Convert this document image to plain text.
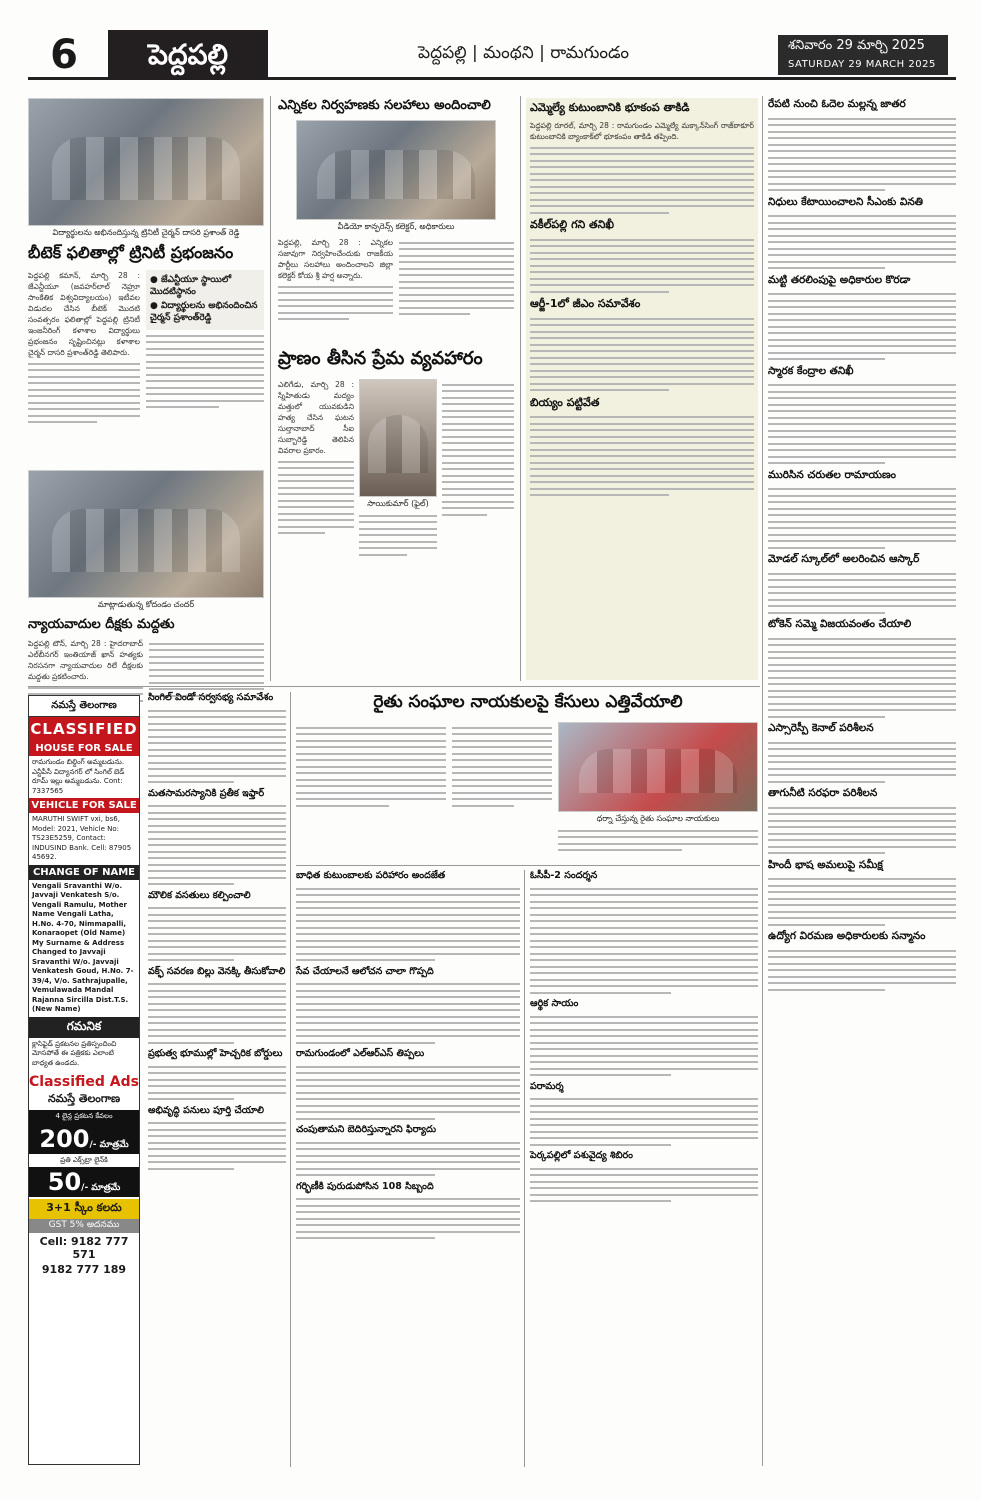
6	పెద్దపల్లి	పెద్దపల్లి | మంథని | రామగుండం	శనివారం 29 మార్చి 2025
SATURDAY 29 MARCH 2025
విద్యార్థులను అభినందిస్తున్న ట్రినిటీ చైర్మన్ దాసరి ప్రశాంత్ రెడ్డి
బీటెక్ ఫలితాల్లో ట్రినిటీ ప్రభంజనం
పెద్దపల్లి కమాన్, మార్చి 28 : జేఎన్టీయూ (జవహర్‌లాల్ నెహ్రూ సాంకేతిక విశ్వవిద్యాలయం) ఇటీవల విడుదల చేసిన బీటెక్ మొదటి సంవత్సరం ఫలితాల్లో పెద్దపల్లి ట్రినిటీ ఇంజనీరింగ్ కళాశాల విద్యార్థులు ప్రభంజనం సృష్టించినట్లు కళాశాల చైర్మన్ దాసరి ప్రశాంత్‌రెడ్డి తెలిపారు.
● జేఎన్టీయూ స్థాయిలో మొదటిస్థానం
● విద్యార్థులను అభినందించిన చైర్మన్ ప్రశాంత్‌రెడ్డి
మాట్లాడుతున్న కోదండం చందర్
న్యాయవాదుల దీక్షకు మద్దతు
పెద్దపల్లి టౌన్, మార్చి 28 : హైదరాబాద్ ఎల్‌బీనగర్ ఇంతియాజ్ ఖాన్ హత్యకు నిరసనగా న్యాయవాదుల రిలే దీక్షలకు మద్దతు ప్రకటించారు.
ఎన్నికల నిర్వహణకు సలహాలు అందించాలి
వీడియో కాన్ఫరెన్స్ కలెక్టర్, అధికారులు
పెద్దపల్లి, మార్చి 28 : ఎన్నికల సజావుగా నిర్వహించేందుకు రాజకీయ పార్టీలు సలహాలు అందించాలని జిల్లా కలెక్టర్ కోయ శ్రీ హర్ష అన్నారు.
ప్రాణం తీసిన ప్రేమ వ్యవహారం
ఎలిగేడు, మార్చి 28 : స్నేహితుడు మద్యం మత్తులో యువకుడిని హత్య చేసిన ఘటన సుల్తానాబాద్ సీఐ సుబ్బారెడ్డి తెలిపిన వివరాల ప్రకారం.
సాయికుమార్ (ఫైల్)
ఎమ్మెల్యే కుటుంబానికి భూకంప తాకిడి
పెద్దపల్లి రూరల్, మార్చి 28 : రామగుండం ఎమ్మెల్యే మక్కాన్‌సింగ్ రాజ్‌ఠాకూర్ కుటుంబానికి బ్యాంకాక్‌లో భూకంపం తాకిడి తప్పింది.
వకీల్‌పల్లి గని తనిఖీ
ఆర్జీ-1లో జీఎం సమావేశం
బియ్యం పట్టివేత
రేపటి నుంచి ఓదెల మల్లన్న జాతర
నిధులు కేటాయించాలని సీఎంకు వినతి
మట్టి తరలింపుపై అధికారుల కొరడా
స్మారక కేంద్రాల తనిఖీ
మురిసిన చరుతల రామాయణం
మోడల్ స్కూల్‌లో అలరించిన ఆస్కార్
టోకెన్ సమ్మె విజయవంతం చేయాలి
ఎస్సారెస్పీ కెనాల్ పరిశీలన
తాగునీటి సరఫరా పరిశీలన
హిందీ భాష అమలుపై సమీక్ష
ఉద్యోగ విరమణ అధికారులకు సన్మానం
నమస్తే తెలంగాణ
CLASSIFIED
HOUSE FOR SALE
రామగుండం బిల్డింగ్ అమ్మబడును. ఎన్టీపీసీ విద్యానగర్ లో సింగిల్ బెడ్ రూమ్ ఇల్లు అమ్మబడును. Cont: 7337565
VEHICLE FOR SALE
MARUTHI SWIFT vxi, bs6, Model: 2021, Vehicle No: TS23E5259, Contact: INDUSIND Bank. Cell: 87905 45692.
CHANGE OF NAME
Vengali Sravanthi W/o. Javvaji Venkatesh S/o. Vengali Ramulu, Mother Name Vengali Latha, H.No. 4-70, Nimmapalli, Konaraopet (Old Name) My Surname & Address Changed to Javvaji Sravanthi W/o. Javvaji Venkatesh Goud, H.No. 7-39/4, V/o. Sathrajupalle, Vemulawada Mandal Rajanna Sircilla Dist.T.S. (New Name)
గమనిక
క్లాసిఫైడ్ ప్రకటనల ప్రతిస్పందించి మోసపోతే ఈ పత్రికకు ఎలాంటి బాధ్యత ఉండదు.
Classified Ads
నమస్తే తెలంగాణ
4 లైన్ల ప్రకటన కేవలం
200/- మాత్రమే
ప్రతి ఎక్స్‌ట్రా లైన్‌కి
50/- మాత్రమే
3+1 స్కీం కలదు
GST 5% అదనము
Cell: 9182 777 571
9182 777 189
సింగిల్ విండో సర్వసభ్య సమావేశం
మతసామరస్యానికి ప్రతీక ఇఫ్తార్
మౌలిక వసతులు కల్పించాలి
వక్ఫ్ సవరణ బిల్లు వెనక్కి తీసుకోవాలి
ప్రభుత్వ భూముల్లో హెచ్చరిక బోర్డులు
అభివృద్ధి పనులు పూర్తి చేయాలి
రైతు సంఘాల నాయకులపై కేసులు ఎత్తివేయాలి
ధర్నా చేస్తున్న రైతు సంఘాల నాయకులు
బాధిత కుటుంబాలకు పరిహారం అందజేత
సేవ చేయాలనే ఆలోచన చాలా గొప్పది
రామగుండంలో ఎల్ఆర్ఎస్ తిప్పలు
చంపుతామని బెదిరిస్తున్నారని ఫిర్యాదు
గర్భిణీకి పురుడుపోసిన 108 సిబ్బంది
ఓసీపీ-2 సందర్శన
ఆర్థిక సాయం
పరామర్శ
పెర్కపల్లిలో పశువైద్య శిబిరం
